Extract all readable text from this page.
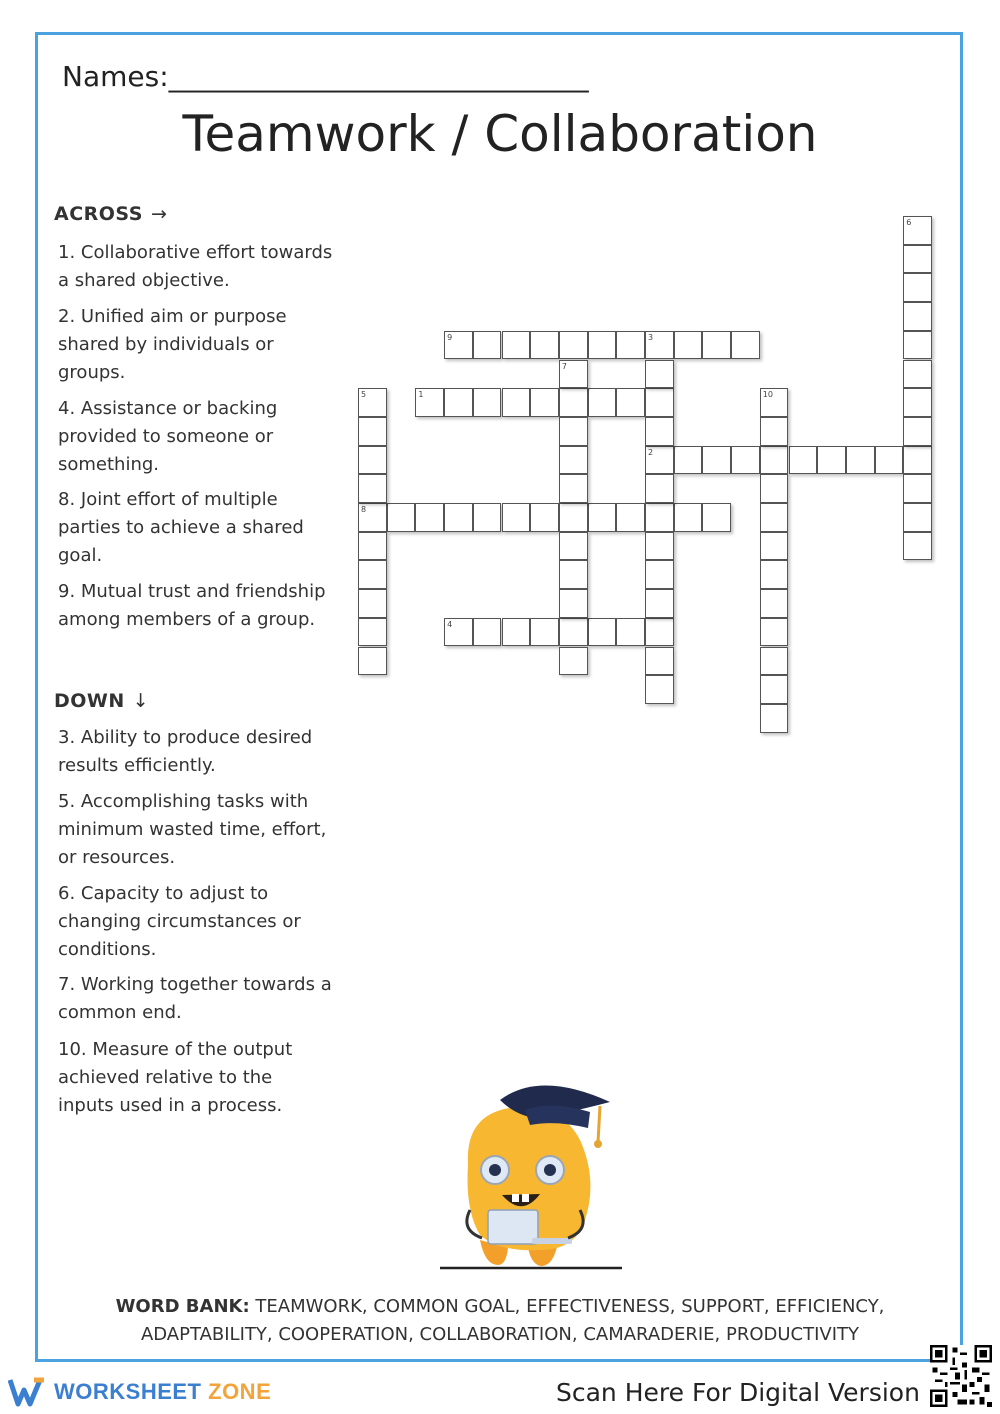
Names:______________________________
Teamwork / Collaboration
ACROSS →
1. Collaborative effort towards a shared objective.
2. Unified aim or purpose shared by individuals or groups.
4. Assistance or backing provided to someone or something.
8. Joint effort of multiple parties to achieve a shared goal.
9. Mutual trust and friendship among members of a group.
DOWN ↓
3. Ability to produce desired results efficiently.
5. Accomplishing tasks with minimum wasted time, effort, or resources.
6. Capacity to adjust to changing circumstances or conditions.
7. Working together towards a common end.
10. Measure of the output achieved relative to the inputs used in a process.
1
2
4
8
9	3
5
6
7
10
WORD BANK: TEAMWORK, COMMON GOAL, EFFECTIVENESS, SUPPORT, EFFICIENCY, ADAPTABILITY, COOPERATION, COLLABORATION, CAMARADERIE, PRODUCTIVITY
WORKSHEET ZONE	Scan Here For Digital Version
